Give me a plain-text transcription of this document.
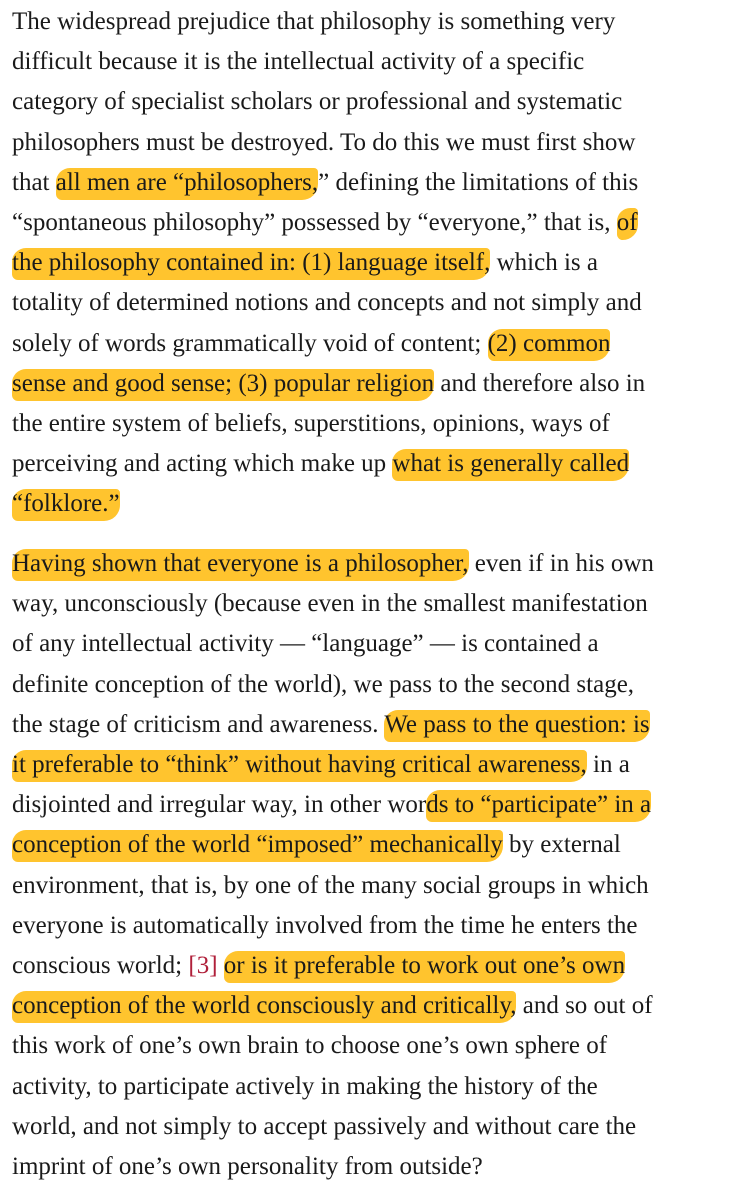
The widespread prejudice that philosophy is something very

difficult because it is the intellectual activity of a specific

category of specialist scholars or professional and systematic

philosophers must be destroyed. To do this we must first show

that all men are “philosophers,” defining the limitations of this

“spontaneous philosophy” possessed by “everyone,” that is, of

the philosophy contained in: (1) language itself, which is a

totality of determined notions and concepts and not simply and

solely of words grammatically void of content; (2) common

sense and good sense; (3) popular religion and therefore also in

the entire system of beliefs, superstitions, opinions, ways of

perceiving and acting which make up what is generally called

“folklore.”

Having shown that everyone is a philosopher, even if in his own

way, unconsciously (because even in the smallest manifestation

of any intellectual activity — “language” — is contained a

definite conception of the world), we pass to the second stage,

the stage of criticism and awareness. We pass to the question: is

it preferable to “think” without having critical awareness, in a

disjointed and irregular way, in other words to “participate” in a

conception of the world “imposed” mechanically by external

environment, that is, by one of the many social groups in which

everyone is automatically involved from the time he enters the

conscious world; [3] or is it preferable to work out one’s own

conception of the world consciously and critically, and so out of

this work of one’s own brain to choose one’s own sphere of

activity, to participate actively in making the history of the

world, and not simply to accept passively and without care the

imprint of one’s own personality from outside?
